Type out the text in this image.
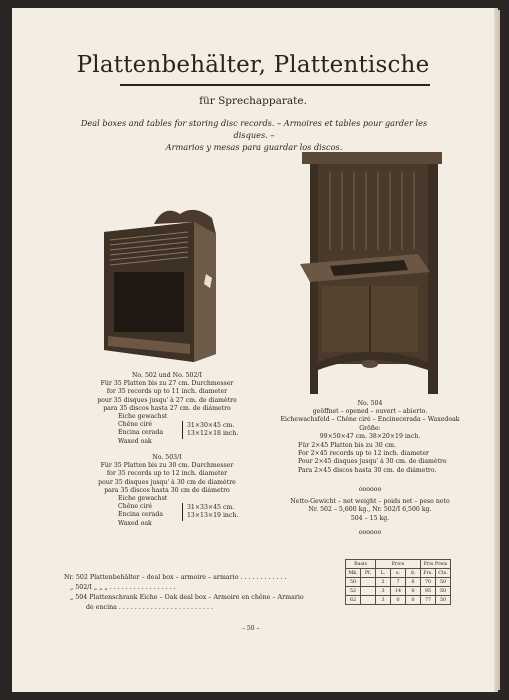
Plattenbehälter, Plattentische
für Sprechapparate.
Deal boxes and tables for storing disc records. – Armoires et tables pour garder les disques. –
Armarios y mesas para guardar los discos.
No. 502 und No. 502/I
Für 35 Platten bis zu 27 cm. Durchmesser
for 35 records up to 11 inch. diameter
pour 35 disques jusqu' à 27 cm. de diamètre
para 35 discos hasta 27 cm. de diámetro
Eiche gewachst
Chêne ciré
Encina cerada
Waxed oak
31×30×45 cm.
13×12×18 inch.
No. 503/I
Für 35 Platten bis zu 30 cm. Durchmesser
for 35 records up to 12 inch. diameter
pour 35 disques jusqu' à 30 cm de diamètre
para 35 discos hasta 30 cm de diámetro
Eiche gewachst
Chêne ciré
Encina cerada
Waxed oak
31×33×45 cm.
13×13×19 inch.
No. 504
geöffnet – opened – ouvert – abierto.
Eichewachsfeld – Chêne ciré – Encinecerada – Waxedoak
Größe:
99×50×47 cm. 38×20×19 inch.
Für 2×45 Platten bis zu 30 cm.
For 2×45 records up to 12 inch. diameter
Pour 2×45 disques jusqu' à 30 cm. de diamètre
Para 2×45 discos hasta 30 cm. de diámetro.
oooooo
Netto-Gewicht – net weight – poids net – peso neto
Nr. 502 – 5,600 kg., Nr. 502/I 6,500 kg.
504 – 15 kg.
oooooo
Basis		Price			Pris Preis	
Mk.	Pf.	L.	s.	d.	Frs.	Cts.
50		2	7	6	70	50
52		3	14	0	95	50
62		3	0	0	77	50
Nr. 502 Plattenbehälter – deal box – armoire – armario . . . . . . . . . . . .
„ 502/I „ „ „ . . . . . . . . . . . . . . . . .
„ 504 Plattenschrank Eiche – Oak deal box – Armoire en chêne – Armario
de encina . . . . . . . . . . . . . . . . . . . . . . . .
– 50 –
